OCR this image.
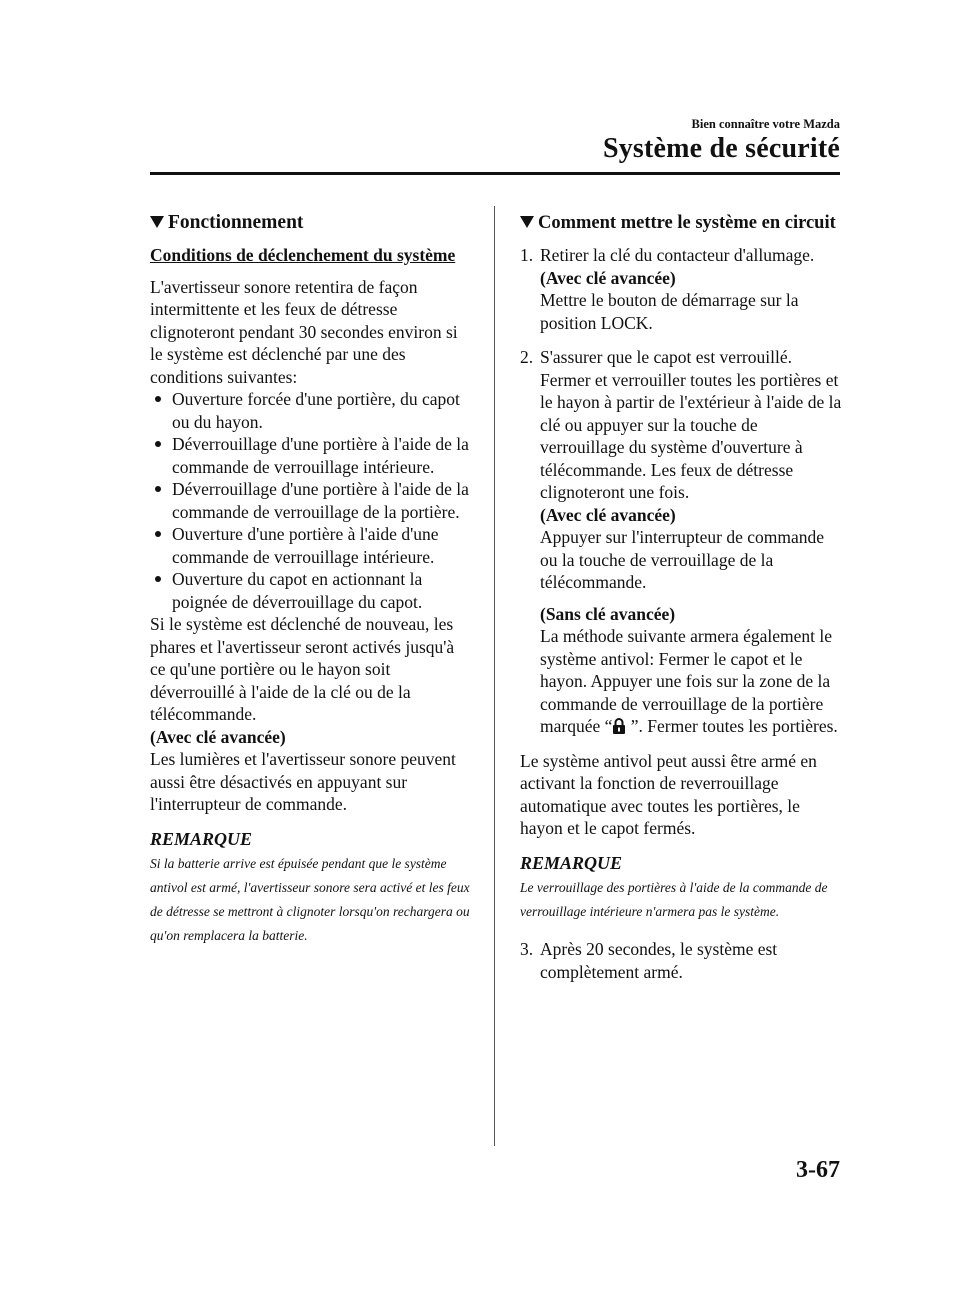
Bien connaître votre Mazda
Système de sécurité
Fonctionnement
Conditions de déclenchement du système

L'avertisseur sonore retentira de façon intermittente et les feux de détresse clignoteront pendant 30 secondes environ si le système est déclenché par une des conditions suivantes:

Ouverture forcée d'une portière, du capot ou du hayon.
Déverrouillage d'une portière à l'aide de la commande de verrouillage intérieure.
Déverrouillage d'une portière à l'aide de la commande de verrouillage de la portière.
Ouverture d'une portière à l'aide d'une commande de verrouillage intérieure.
Ouverture du capot en actionnant la poignée de déverrouillage du capot.

Si le système est déclenché de nouveau, les phares et l'avertisseur seront activés jusqu'à ce qu'une portière ou le hayon soit déverrouillé à l'aide de la clé ou de la télécommande.

(Avec clé avancée)

Les lumières et l'avertisseur sonore peuvent aussi être désactivés en appuyant sur l'interrupteur de commande.

REMARQUE

Si la batterie arrive est épuisée pendant que le système antivol est armé, l'avertisseur sonore sera activé et les feux de détresse se mettront à clignoter lorsqu'on rechargera ou qu'on remplacera la batterie.

Comment mettre le système en circuit
1. Retirer la clé du contacteur d'allumage.

(Avec clé avancée)

Mettre le bouton de démarrage sur la position LOCK.

2. S'assurer que le capot est verrouillé. Fermer et verrouiller toutes les portières et le hayon à partir de l'extérieur à l'aide de la clé ou appuyer sur la touche de verrouillage du système d'ouverture à télécommande. Les feux de détresse clignoteront une fois.

(Avec clé avancée)

Appuyer sur l'interrupteur de commande ou la touche de verrouillage de la télécommande.

(Sans clé avancée)

La méthode suivante armera également le système antivol: Fermer le capot et le hayon. Appuyer une fois sur la zone de la commande de verrouillage de la portière marquée “
”. Fermer toutes les portières.

Le système antivol peut aussi être armé en activant la fonction de reverrouillage automatique avec toutes les portières, le hayon et le capot fermés.

REMARQUE

Le verrouillage des portières à l'aide de la commande de verrouillage intérieure n'armera pas le système.

3. Après 20 secondes, le système est complètement armé.

3-67
